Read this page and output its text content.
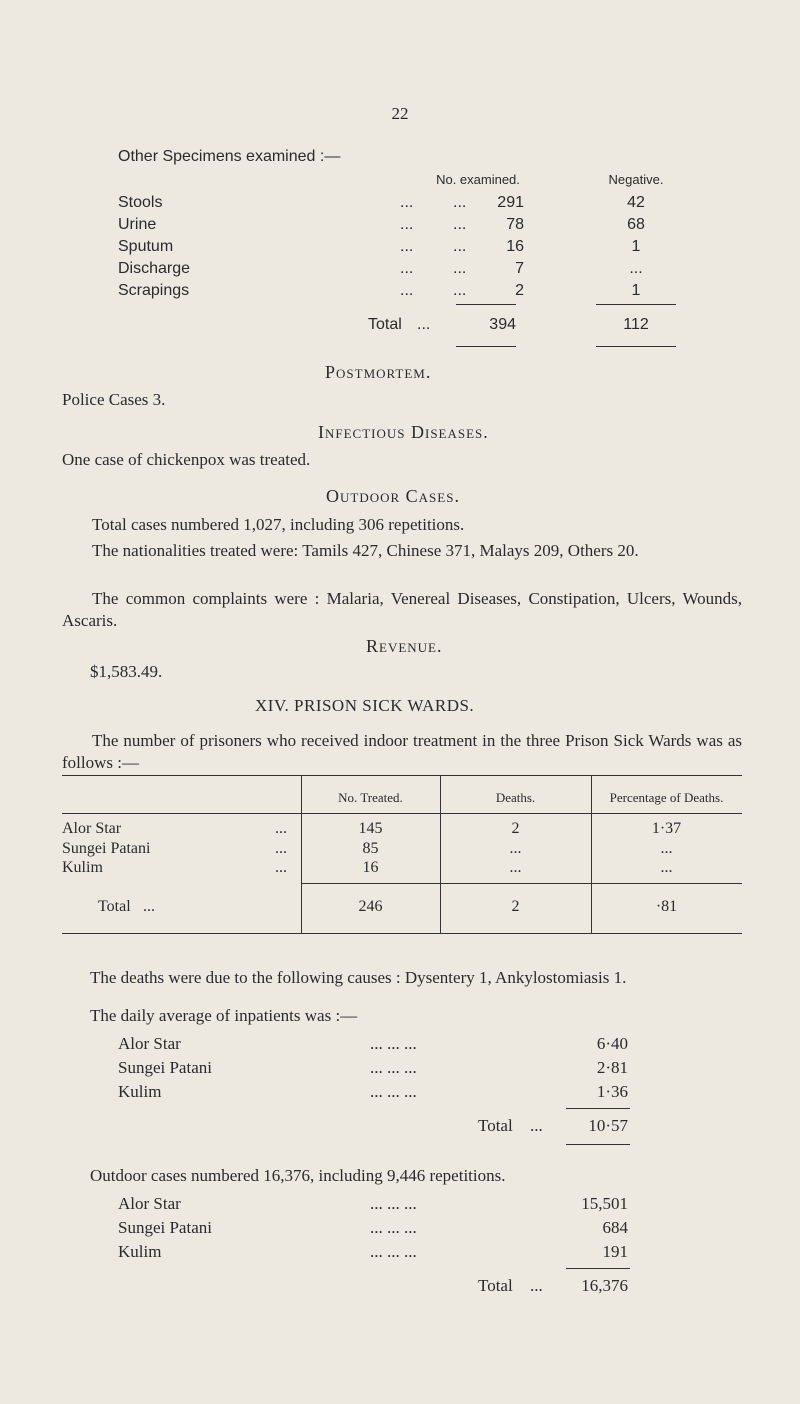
22
Other Specimens examined :—
No. examined.	Negative.
Stools	... ...	291	42
Urine	... ...	78	68
Sputum	... ...	16	1
Discharge	... ...	7	...
Scrapings	... ...	2	1
Total ...	394	112
Postmortem.
Police Cases 3.
Infectious Diseases.
One case of chickenpox was treated.
Outdoor Cases.
Total cases numbered 1,027, including 306 repetitions.
The nationalities treated were: Tamils 427, Chinese 371, Malays 209, Others 20.
The common complaints were : Malaria, Venereal Diseases, Constipation, Ulcers, Wounds, Ascaris.
Revenue.
$1,583.49.
XIV. PRISON SICK WARDS.
The number of prisoners who received indoor treatment in the three Prison Sick Wards was as follows :—
No. Treated.	Deaths.	Percentage of Deaths.
Alor Star	...	145	2	1·37
Sungei Patani	...	85	...	...
Kulim	...	16	...	...
Total ...	246	2	·81
The deaths were due to the following causes : Dysentery 1, Ankylostomiasis 1.
The daily average of inpatients was :—
Alor Star	... ... ...	6·40
Sungei Patani	... ... ...	2·81
Kulim	... ... ...	1·36
Total ...	10·57
Outdoor cases numbered 16,376, including 9,446 repetitions.
Alor Star	... ... ...	15,501
Sungei Patani	... ... ...	684
Kulim	... ... ...	191
Total ...	16,376
